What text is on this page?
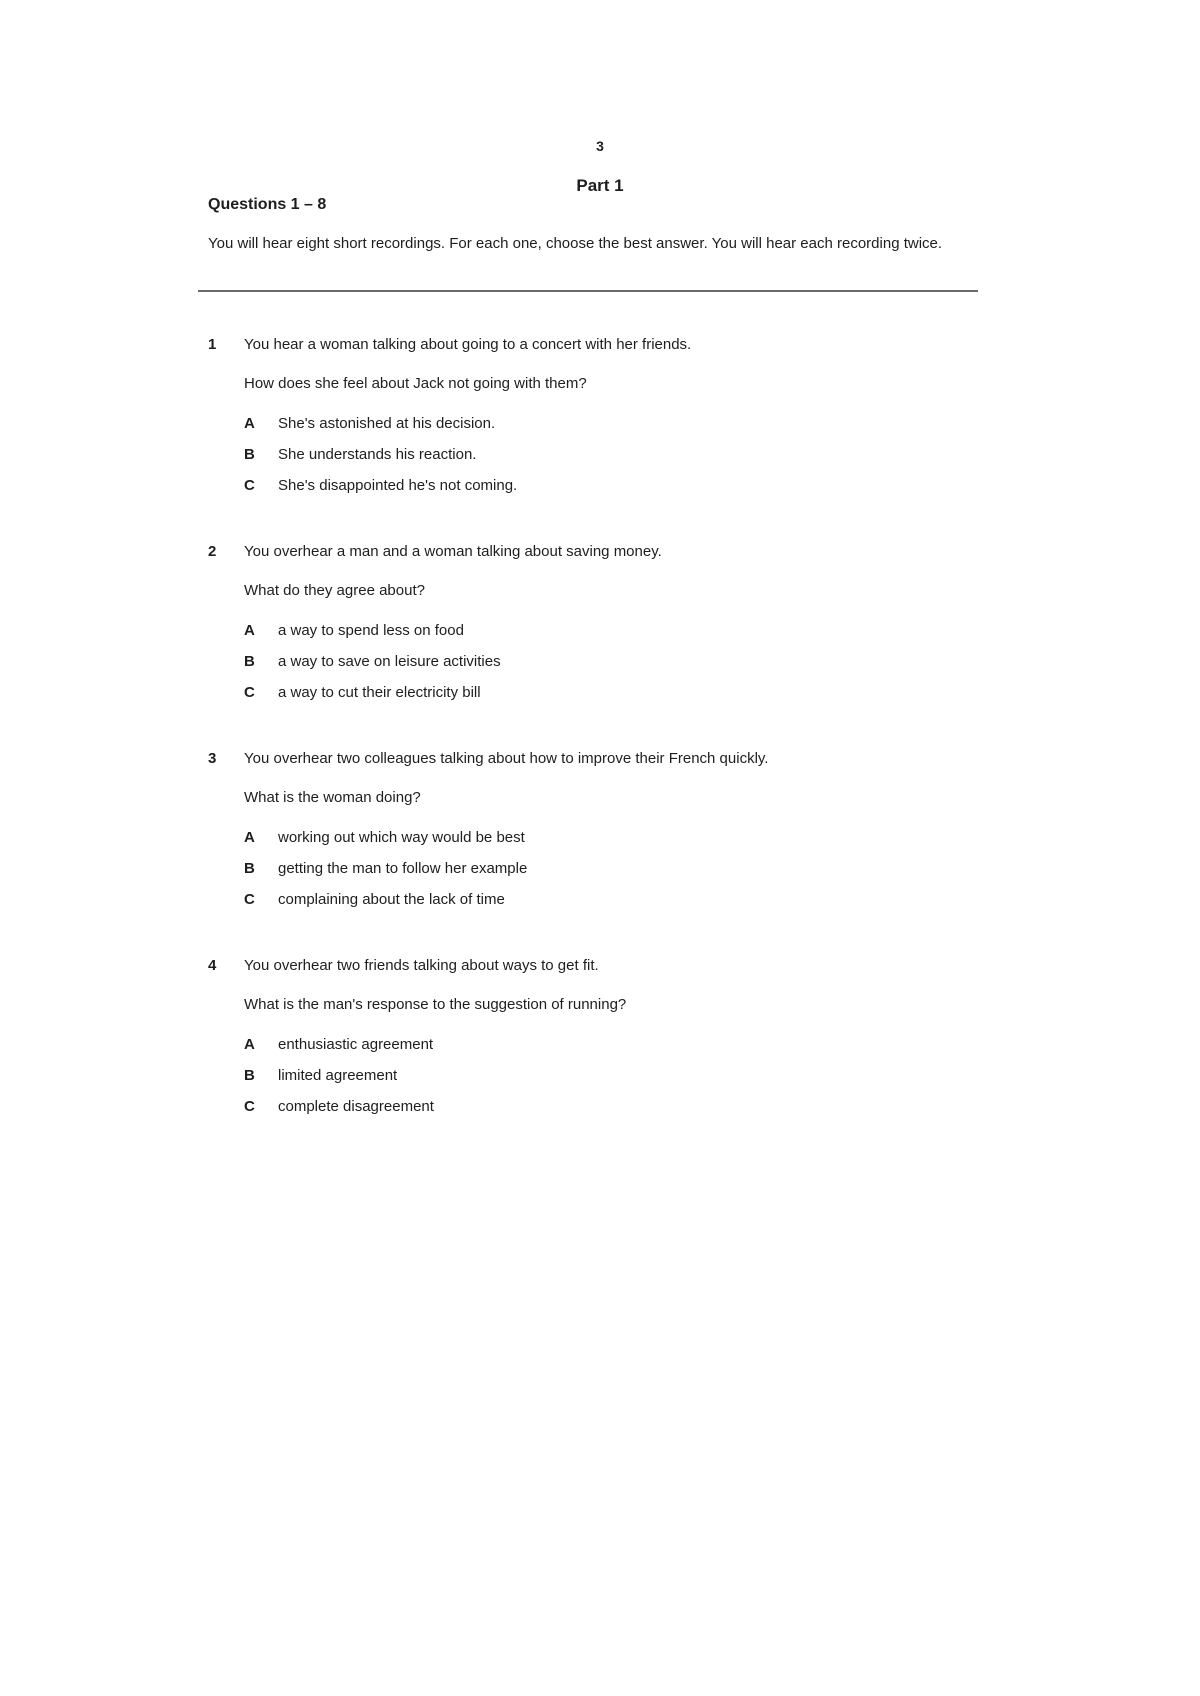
3
Part 1
Questions 1 – 8
You will hear eight short recordings. For each one, choose the best answer. You will hear each recording twice.
1 You hear a woman talking about going to a concert with her friends.
How does she feel about Jack not going with them?
A She's astonished at his decision.
B She understands his reaction.
C She's disappointed he's not coming.
2 You overhear a man and a woman talking about saving money.
What do they agree about?
A a way to spend less on food
B a way to save on leisure activities
C a way to cut their electricity bill
3 You overhear two colleagues talking about how to improve their French quickly.
What is the woman doing?
A working out which way would be best
B getting the man to follow her example
C complaining about the lack of time
4 You overhear two friends talking about ways to get fit.
What is the man's response to the suggestion of running?
A enthusiastic agreement
B limited agreement
C complete disagreement
